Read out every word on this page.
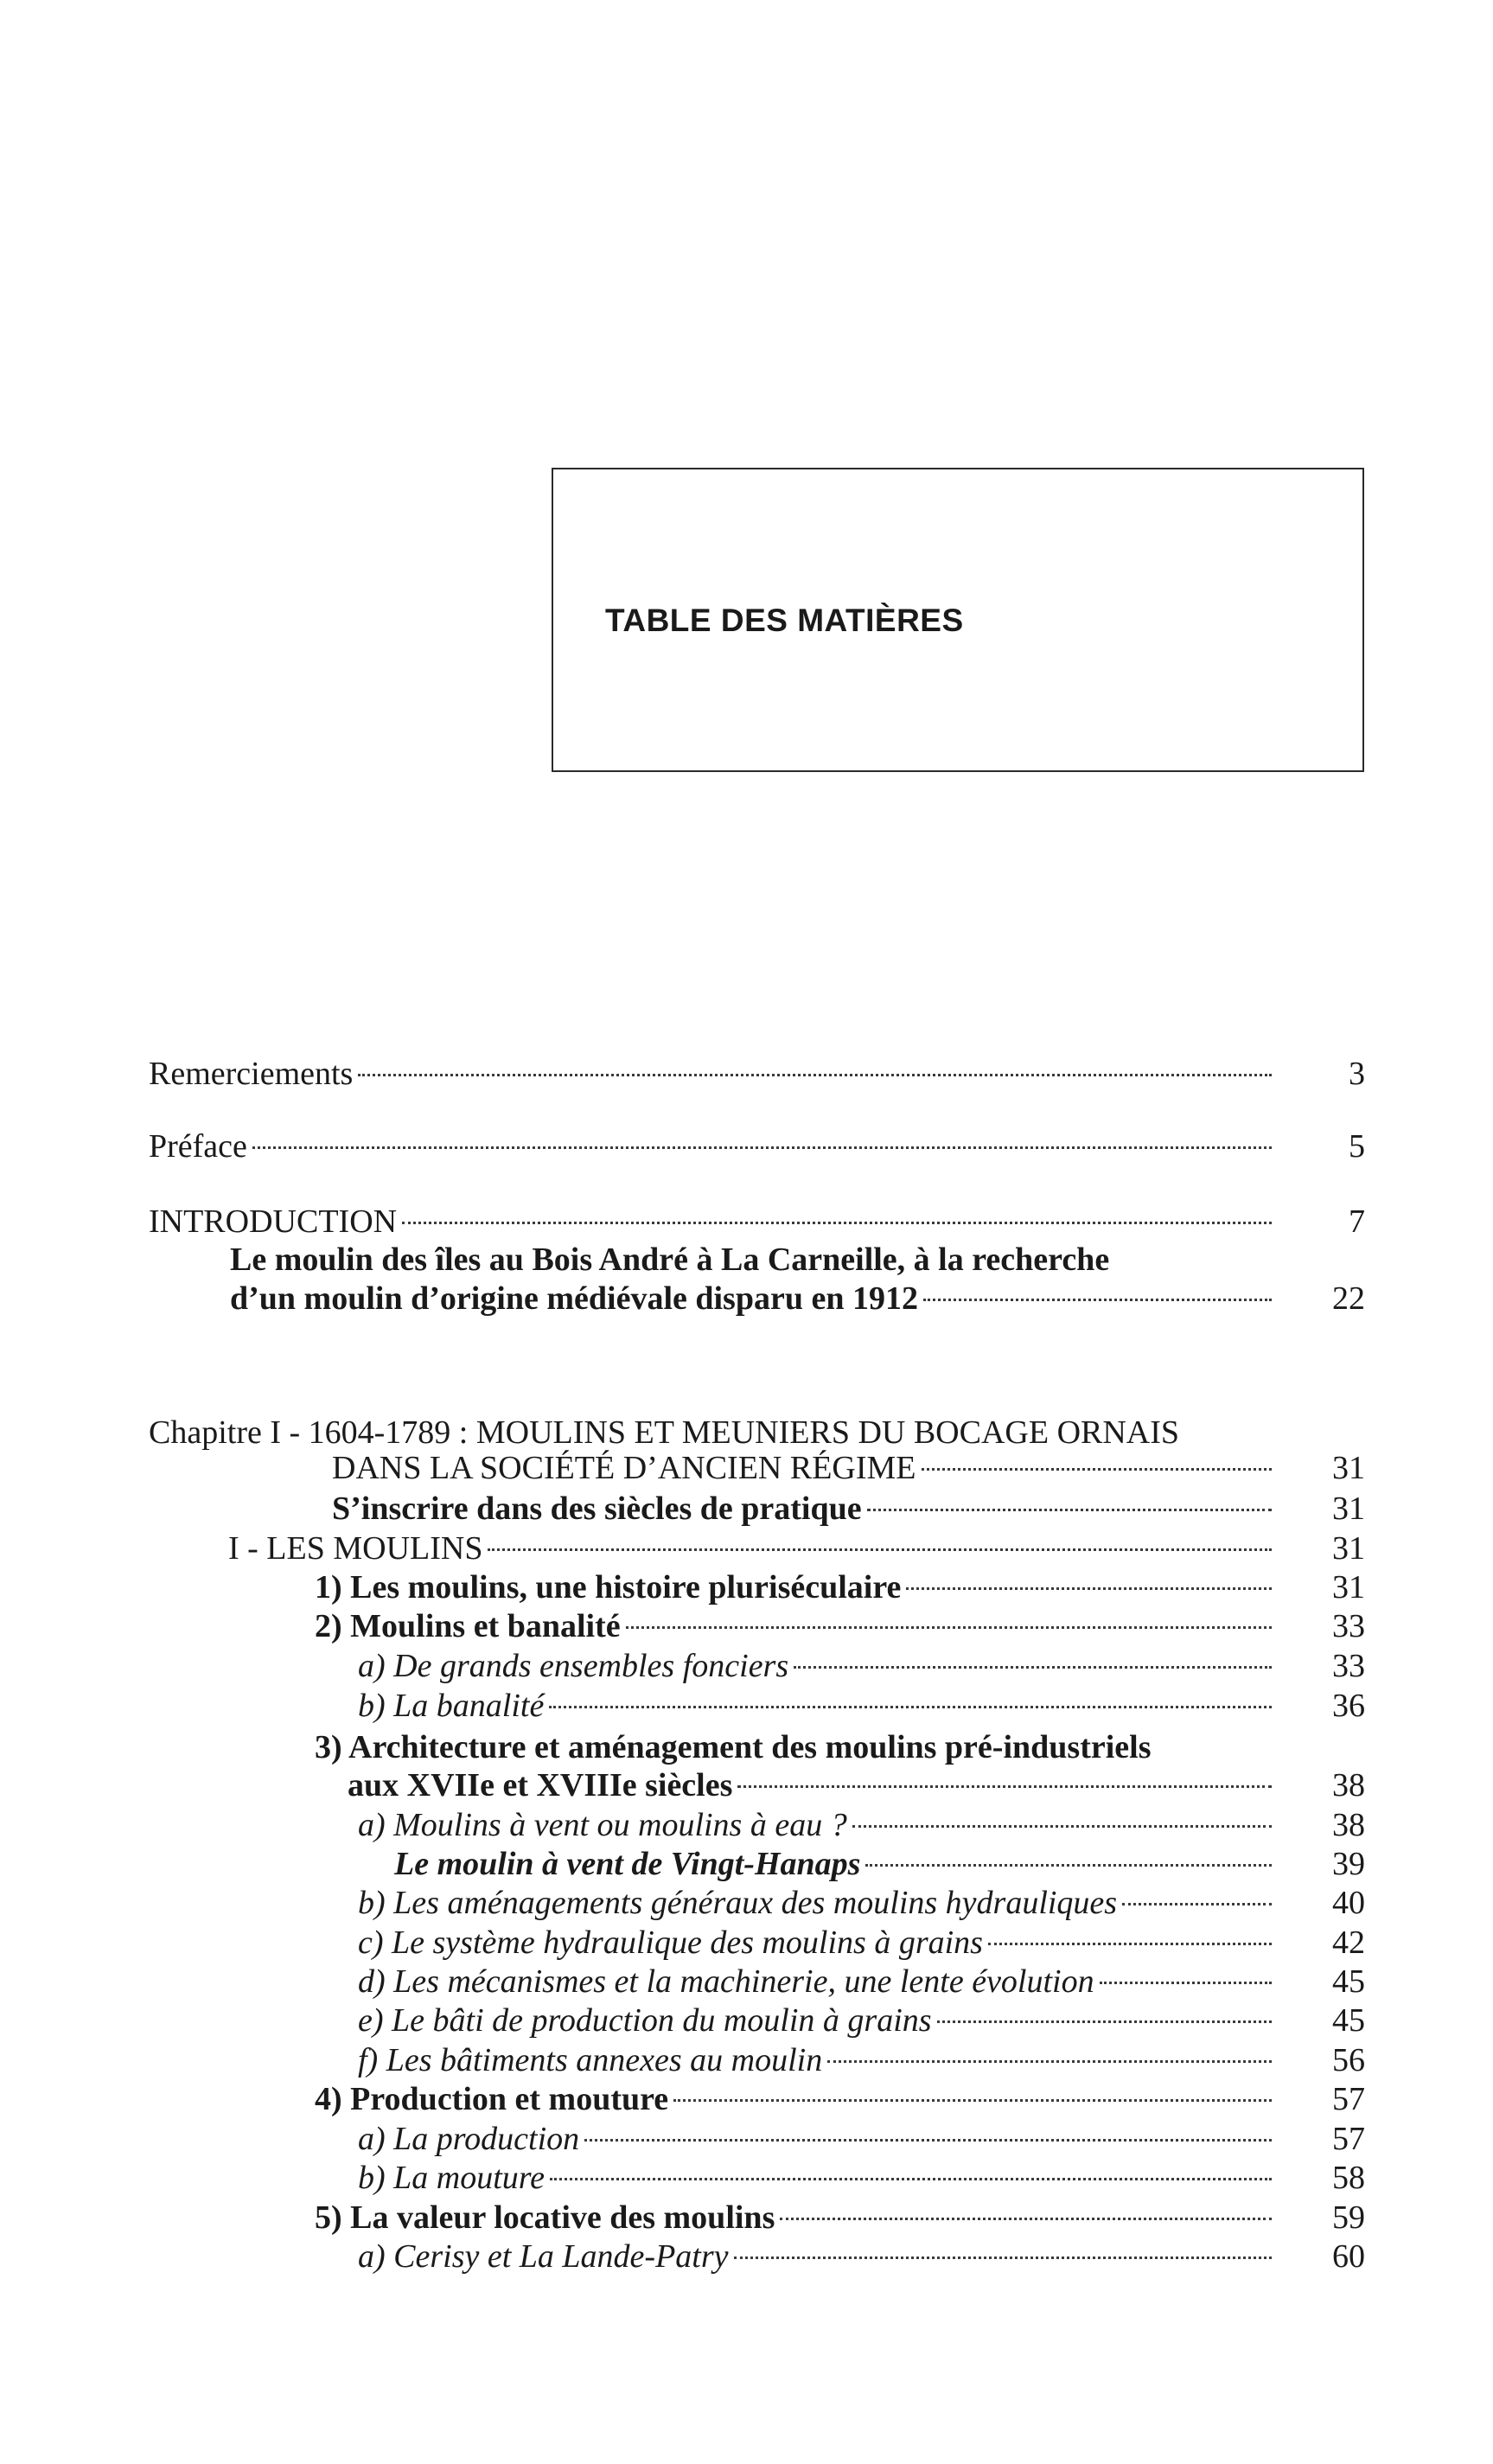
TABLE DES MATIÈRES
Remerciements	3
Préface	5
INTRODUCTION	7
Le moulin des îles au Bois André à La Carneille, à la recherche
d’un moulin d’origine médiévale disparu en 1912	22
Chapitre I - 1604-1789 : MOULINS ET MEUNIERS DU BOCAGE ORNAIS
DANS LA SOCIÉTÉ D’ANCIEN RÉGIME	31
S’inscrire dans des siècles de pratique	31
I - LES MOULINS	31
1) Les moulins, une histoire pluriséculaire	31
2) Moulins et banalité	33
a) De grands ensembles fonciers	33
b) La banalité	36
3) Architecture et aménagement des moulins pré-industriels
aux XVIIe et XVIIIe siècles	38
a) Moulins à vent ou moulins à eau ?	38
Le moulin à vent de Vingt-Hanaps	39
b) Les aménagements généraux des moulins hydrauliques	40
c) Le système hydraulique des moulins à grains	42
d) Les mécanismes et la machinerie, une lente évolution	45
e) Le bâti de production du moulin à grains	45
f) Les bâtiments annexes au moulin	56
4) Production et mouture	57
a) La production	57
b) La mouture	58
5) La valeur locative des moulins	59
a) Cerisy et La Lande-Patry	60
